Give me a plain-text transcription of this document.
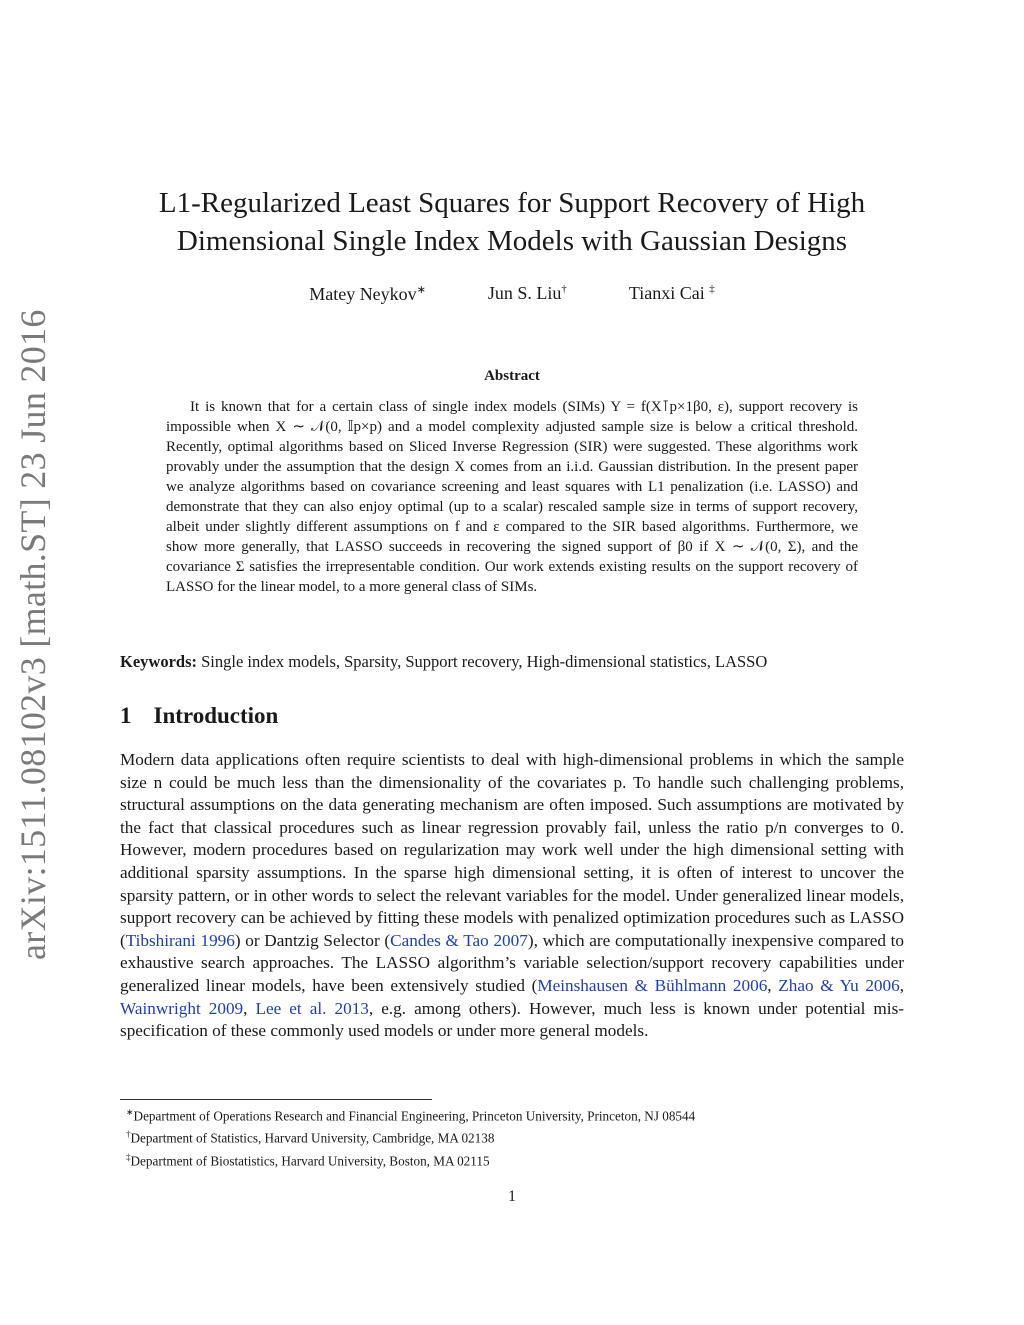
arXiv:1511.08102v3 [math.ST] 23 Jun 2016
L1-Regularized Least Squares for Support Recovery of High
Dimensional Single Index Models with Gaussian Designs
Matey Neykov∗	Jun S. Liu†	Tianxi Cai ‡
Abstract
It is known that for a certain class of single index models (SIMs) Y = f(X⊺p×1β0, ε), support recovery is impossible when X ∼ 𝒩(0, 𝕀p×p) and a model complexity adjusted sample size is below a critical threshold. Recently, optimal algorithms based on Sliced Inverse Regression (SIR) were suggested. These algorithms work provably under the assumption that the design X comes from an i.i.d. Gaussian distribution. In the present paper we analyze algorithms based on covariance screening and least squares with L1 penalization (i.e. LASSO) and demonstrate that they can also enjoy optimal (up to a scalar) rescaled sample size in terms of support recovery, albeit under slightly different assumptions on f and ε compared to the SIR based algorithms. Furthermore, we show more generally, that LASSO succeeds in recovering the signed support of β0 if X ∼ 𝒩(0, Σ), and the covariance Σ satisfies the irrepresentable condition. Our work extends existing results on the support recovery of LASSO for the linear model, to a more general class of SIMs.
Keywords: Single index models, Sparsity, Support recovery, High-dimensional statistics, LASSO
1 Introduction
Modern data applications often require scientists to deal with high-dimensional problems in which the sample size n could be much less than the dimensionality of the covariates p. To handle such challenging problems, structural assumptions on the data generating mechanism are often imposed. Such assumptions are motivated by the fact that classical procedures such as linear regression provably fail, unless the ratio p/n converges to 0. However, modern procedures based on regularization may work well under the high dimensional setting with additional sparsity assumptions. In the sparse high dimensional setting, it is often of interest to uncover the sparsity pattern, or in other words to select the relevant variables for the model. Under generalized linear models, support recovery can be achieved by fitting these models with penalized optimization procedures such as LASSO (Tibshirani 1996) or Dantzig Selector (Candes & Tao 2007), which are computationally inexpensive compared to exhaustive search approaches. The LASSO algorithm’s variable selection/support recovery capabilities under generalized linear models, have been extensively studied (Meinshausen & Bühlmann 2006, Zhao & Yu 2006, Wainwright 2009, Lee et al. 2013, e.g. among others). However, much less is known under potential mis-specification of these commonly used models or under more general models.
∗Department of Operations Research and Financial Engineering, Princeton University, Princeton, NJ 08544
†Department of Statistics, Harvard University, Cambridge, MA 02138
‡Department of Biostatistics, Harvard University, Boston, MA 02115
1
